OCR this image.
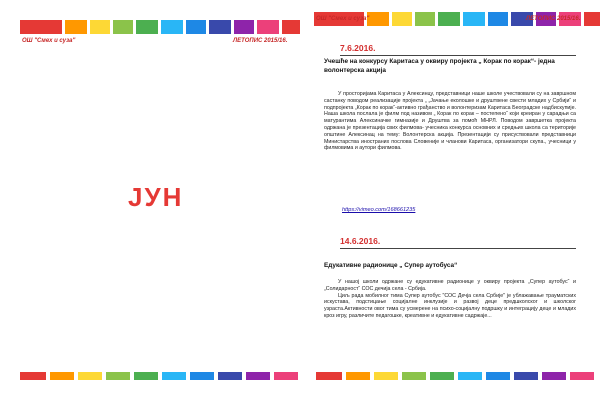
ОШ "Смех и суза"	ЛЕТОПИС 2015/16.
ЈУН
ОШ "Смех и суза"	ЛЕТОПИС 2015/16.
7.6.2016.
Учешће на конкурсу Каритаса у оквиру пројекта „ Корак по корак“- једна волонтерска акција

У просторијама Каритаса у Алексинцу, представници наше школе учествовали су на завршном састанку поводом реализације пројекта „ „Јачање еколошке и друштвене свести младих у Србији“ и подпројекта „Корак по корак“-активно грађанство и волонтеризам Каритаса Београдске надбискупије. Наша школа послала је филм под називом „ Корак по корак – постепено“ који креиран у сарадњи са матурантима Алексиначке гимназије и Друштва за помоћ МНРЛ. Поводом завршетка пројекта одржана је презентација свих филмова- учесника конкурса основних и средњих школа са територије општине Алексинац на тему: Волонтерска акција. Презентацији су присуствовали представници Министарства иностраних послова Словеније и чланови Каритаса, организатори скупа., учесници у филмовима и аутори филмова.

https://vimeo.com/168661235
14.6.2016.
Едукативне радионице „ Супер аутобуса“

У нашој школи одржане су едукативне радионице у оквиру пројекта „Супер аутобус“ и „Солидарност“ СОС дечија села - Србија.

Циљ рада мобилног тима Супер аутобус "СОС Дечја села Србије" је ублажавање трауматских искустава, подстицање социјалне инклузије и развој деце предшколског и школског узраста.Активности овог тима су усмерене на психо-социјалну подршку и интеграцију деце и младих кроз игру, различите педагошке, креативне и едукативне садржаје...
